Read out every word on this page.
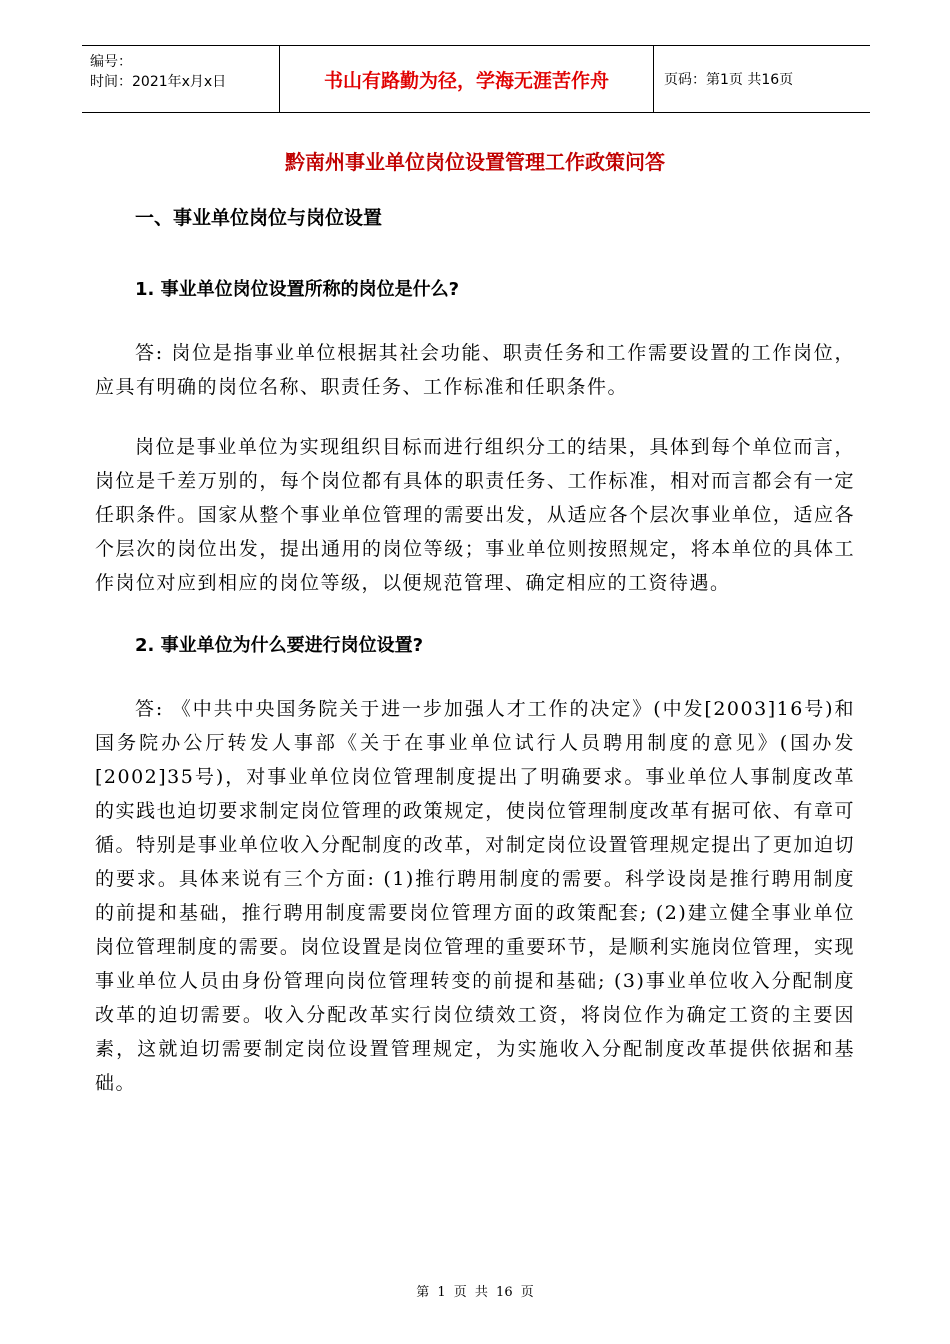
编号：
时间：2021年x月x日	书山有路勤为径，学海无涯苦作舟	页码：第1页 共16页
黔南州事业单位岗位设置管理工作政策问答
一、事业单位岗位与岗位设置
1. 事业单位岗位设置所称的岗位是什么?

答: 岗位是指事业单位根据其社会功能、职责任务和工作需要设置的工作岗位，应具有明确的岗位名称、职责任务、工作标准和任职条件。

岗位是事业单位为实现组织目标而进行组织分工的结果，具体到每个单位而言，岗位是千差万别的，每个岗位都有具体的职责任务、工作标准，相对而言都会有一定任职条件。国家从整个事业单位管理的需要出发，从适应各个层次事业单位，适应各个层次的岗位出发，提出通用的岗位等级；事业单位则按照规定，将本单位的具体工作岗位对应到相应的岗位等级，以便规范管理、确定相应的工资待遇。

2. 事业单位为什么要进行岗位设置?

答: 《中共中央国务院关于进一步加强人才工作的决定》(中发[2003]16号)和国务院办公厅转发人事部《关于在事业单位试行人员聘用制度的意见》(国办发[2002]35号)，对事业单位岗位管理制度提出了明确要求。事业单位人事制度改革的实践也迫切要求制定岗位管理的政策规定，使岗位管理制度改革有据可依、有章可循。特别是事业单位收入分配制度的改革，对制定岗位设置管理规定提出了更加迫切的要求。具体来说有三个方面: (1)推行聘用制度的需要。科学设岗是推行聘用制度的前提和基础，推行聘用制度需要岗位管理方面的政策配套; (2)建立健全事业单位岗位管理制度的需要。岗位设置是岗位管理的重要环节，是顺利实施岗位管理，实现事业单位人员由身份管理向岗位管理转变的前提和基础; (3)事业单位收入分配制度改革的迫切需要。收入分配改革实行岗位绩效工资，将岗位作为确定工资的主要因素，这就迫切需要制定岗位设置管理规定，为实施收入分配制度改革提供依据和基础。

第 1 页 共 16 页
